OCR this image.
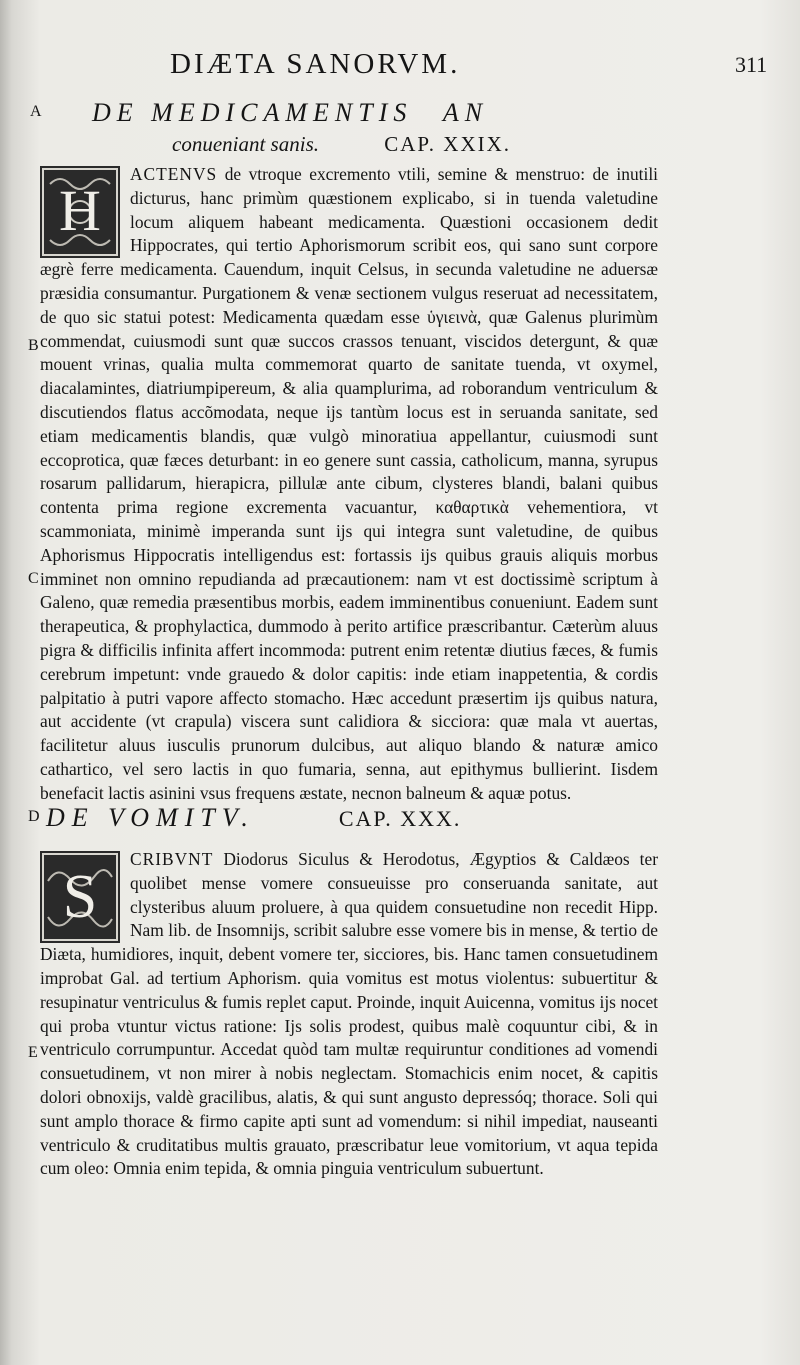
DIÆTA SANORVM.	311
A
B
C
D
E
DE MEDICAMENTIS AN
conueniant sanis.	CAP. XXIX.
H
ACTENVS de vtroque excremento vtili, semine & menstruo: de inutili dicturus, hanc primùm quæstionem explicabo, si in tuenda valetudine locum aliquem habeant medicamenta. Quæstioni occasionem dedit Hippocrates, qui tertio Aphorismorum scribit eos, qui sano sunt corpore ægrè ferre medicamenta. Cauendum, inquit Celsus, in secunda valetudine ne aduersæ præsidia consumantur. Purgationem & venæ sectionem vulgus reseruat ad necessitatem, de quo sic statui potest: Medicamenta quædam esse ὑγιεινὰ, quæ Galenus plurimùm commendat, cuiusmodi sunt quæ succos crassos tenuant, viscidos detergunt, & quæ mouent vrinas, qualia multa commemorat quarto de sanitate tuenda, vt oxymel, diacalamintes, diatriumpipereum, & alia quamplurima, ad roborandum ventriculum & discutiendos flatus accõmodata, neque ijs tantùm locus est in seruanda sanitate, sed etiam medicamentis blandis, quæ vulgò minoratiua appellantur, cuiusmodi sunt eccoprotica, quæ fæces deturbant: in eo genere sunt cassia, catholicum, manna, syrupus rosarum pallidarum, hierapicra, pillulæ ante cibum, clysteres blandi, balani quibus contenta prima regione excrementa vacuantur, καθαρτικὰ vehementiora, vt scammoniata, minimè imperanda sunt ijs qui integra sunt valetudine, de quibus Aphorismus Hippocratis intelligendus est: fortassis ijs quibus grauis aliquis morbus imminet non omnino repudianda ad præcautionem: nam vt est doctissimè scriptum à Galeno, quæ remedia præsentibus morbis, eadem imminentibus conueniunt. Eadem sunt therapeutica, & prophylactica, dummodo à perito artifice præscribantur. Cæterùm aluus pigra & difficilis infinita affert incommoda: putrent enim retentæ diutius fæces, & fumis cerebrum impetunt: vnde grauedo & dolor capitis: inde etiam inappetentia, & cordis palpitatio à putri vapore affecto stomacho. Hæc accedunt præsertim ijs quibus natura, aut accidente (vt crapula) viscera sunt calidiora & sicciora: quæ mala vt auertas, facilitetur aluus iusculis prunorum dulcibus, aut aliquo blando & naturæ amico cathartico, vel sero lactis in quo fumaria, senna, aut epithymus bullierint. Iisdem benefacit lactis asinini vsus frequens æstate, necnon balneum & aquæ potus.
DE VOMITV.	CAP. XXX.
S
CRIBVNT Diodorus Siculus & Herodotus, Ægyptios & Caldæos ter quolibet mense vomere consueuisse pro conseruanda sanitate, aut clysteribus aluum proluere, à qua quidem consuetudine non recedit Hipp. Nam lib. de Insomnijs, scribit salubre esse vomere bis in mense, & tertio de Diæta, humidiores, inquit, debent vomere ter, sicciores, bis. Hanc tamen consuetudinem improbat Gal. ad tertium Aphorism. quia vomitus est motus violentus: subuertitur & resupinatur ventriculus & fumis replet caput. Proinde, inquit Auicenna, vomitus ijs nocet qui proba vtuntur victus ratione: Ijs solis prodest, quibus malè coquuntur cibi, & in ventriculo corrumpuntur. Accedat quòd tam multæ requiruntur conditiones ad vomendi consuetudinem, vt non mirer à nobis neglectam. Stomachicis enim nocet, & capitis dolori obnoxijs, valdè gracilibus, alatis, & qui sunt angusto depressóq; thorace. Soli qui sunt amplo thorace & firmo capite apti sunt ad vomendum: si nihil impediat, nauseanti ventriculo & cruditatibus multis grauato, præscribatur leue vomitorium, vt aqua tepida cum oleo: Omnia enim tepida, & omnia pinguia ventriculum subuertunt.
